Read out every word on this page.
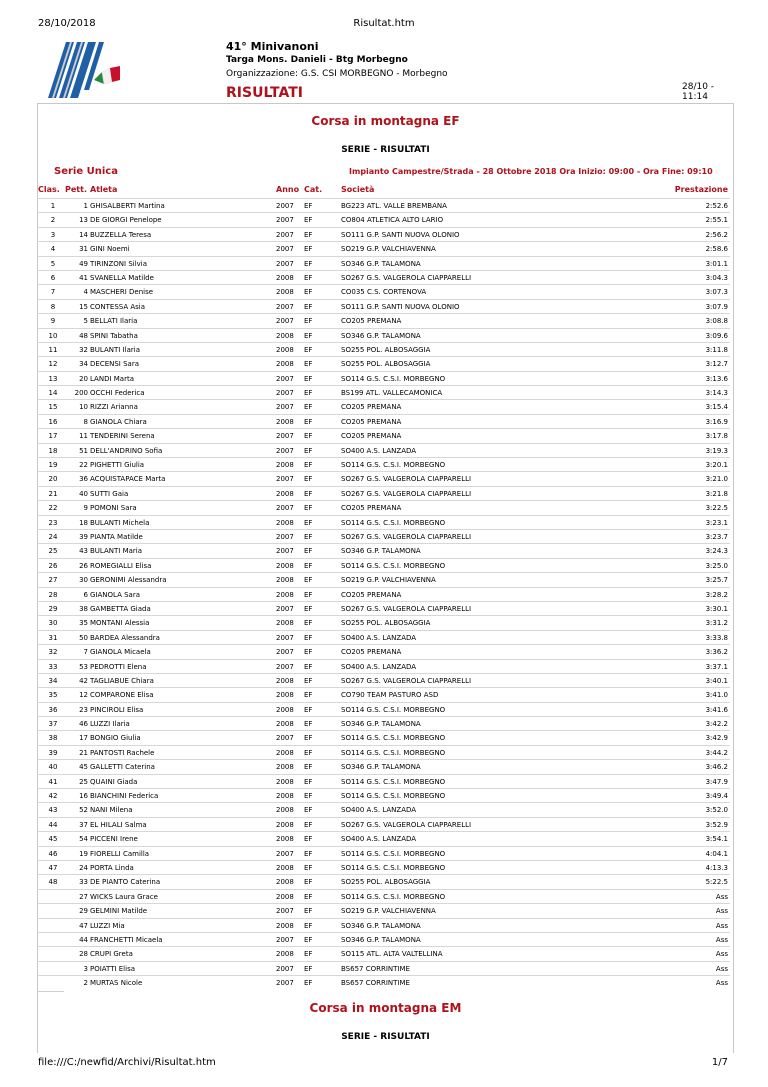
28/10/2018	Risultat.htm
41° Minivanoni
Targa Mons. Danieli - Btg Morbegno
Organizzazione: G.S. CSI MORBEGNO - Morbegno
RISULTATI	28/10 -
11:14
Corsa in montagna EF
SERIE - RISULTATI
Serie Unica	Impianto Campestre/Strada - 28 Ottobre 2018 Ora Inizio: 09:00 - Ora Fine: 09:10
Clas. Pett. Atleta	Anno Cat. Società	Prestazione
1	1 GHISALBERTI Martina	2007 EF	BG223 ATL. VALLE BREMBANA	2:52.6
2	13 DE GIORGI Penelope	2007 EF	CO804 ATLETICA ALTO LARIO	2:55.1
3	14 BUZZELLA Teresa	2007 EF	SO111 G.P. SANTI NUOVA OLONIO	2:56.2
4	31 GINI Noemi	2007 EF	SO219 G.P. VALCHIAVENNA	2:58.6
5	49 TIRINZONI Silvia	2007 EF	SO346 G.P. TALAMONA	3:01.1
6	41 SVANELLA Matilde	2008 EF	SO267 G.S. VALGEROLA CIAPPARELLI	3:04.3
7	4 MASCHERI Denise	2008 EF	CO035 C.S. CORTENOVA	3:07.3
8	15 CONTESSA Asia	2007 EF	SO111 G.P. SANTI NUOVA OLONIO	3:07.9
9	5 BELLATI Ilaria	2007 EF	CO205 PREMANA	3:08.8
10	48 SPINI Tabatha	2008 EF	SO346 G.P. TALAMONA	3:09.6
11	32 BULANTI Ilaria	2008 EF	SO255 POL. ALBOSAGGIA	3:11.8
12	34 DECENSI Sara	2008 EF	SO255 POL. ALBOSAGGIA	3:12.7
13	20 LANDI Marta	2007 EF	SO114 G.S. C.S.I. MORBEGNO	3:13.6
14	200 OCCHI Federica	2007 EF	BS199 ATL. VALLECAMONICA	3:14.3
15	10 RIZZI Arianna	2007 EF	CO205 PREMANA	3:15.4
16	8 GIANOLA Chiara	2008 EF	CO205 PREMANA	3:16.9
17	11 TENDERINI Serena	2007 EF	CO205 PREMANA	3:17.8
18	51 DELL'ANDRINO Sofia	2007 EF	SO400 A.S. LANZADA	3:19.3
19	22 PIGHETTI Giulia	2008 EF	SO114 G.S. C.S.I. MORBEGNO	3:20.1
20	36 ACQUISTAPACE Marta	2007 EF	SO267 G.S. VALGEROLA CIAPPARELLI	3:21.0
21	40 SUTTI Gaia	2008 EF	SO267 G.S. VALGEROLA CIAPPARELLI	3:21.8
22	9 POMONI Sara	2007 EF	CO205 PREMANA	3:22.5
23	18 BULANTI Michela	2008 EF	SO114 G.S. C.S.I. MORBEGNO	3:23.1
24	39 PIANTA Matilde	2007 EF	SO267 G.S. VALGEROLA CIAPPARELLI	3:23.7
25	43 BULANTI Maria	2007 EF	SO346 G.P. TALAMONA	3:24.3
26	26 ROMEGIALLI Elisa	2008 EF	SO114 G.S. C.S.I. MORBEGNO	3:25.0
27	30 GERONIMI Alessandra	2008 EF	SO219 G.P. VALCHIAVENNA	3:25.7
28	6 GIANOLA Sara	2008 EF	CO205 PREMANA	3:28.2
29	38 GAMBETTA Giada	2007 EF	SO267 G.S. VALGEROLA CIAPPARELLI	3:30.1
30	35 MONTANI Alessia	2008 EF	SO255 POL. ALBOSAGGIA	3:31.2
31	50 BARDEA Alessandra	2007 EF	SO400 A.S. LANZADA	3:33.8
32	7 GIANOLA Micaela	2007 EF	CO205 PREMANA	3:36.2
33	53 PEDROTTI Elena	2007 EF	SO400 A.S. LANZADA	3:37.1
34	42 TAGLIABUE Chiara	2008 EF	SO267 G.S. VALGEROLA CIAPPARELLI	3:40.1
35	12 COMPARONE Elisa	2008 EF	CO790 TEAM PASTURO ASD	3:41.0
36	23 PINCIROLI Elisa	2008 EF	SO114 G.S. C.S.I. MORBEGNO	3:41.6
37	46 LUZZI Ilaria	2008 EF	SO346 G.P. TALAMONA	3:42.2
38	17 BONGIO Giulia	2007 EF	SO114 G.S. C.S.I. MORBEGNO	3:42.9
39	21 PANTOSTI Rachele	2008 EF	SO114 G.S. C.S.I. MORBEGNO	3:44.2
40	45 GALLETTI Caterina	2008 EF	SO346 G.P. TALAMONA	3:46.2
41	25 QUAINI Giada	2008 EF	SO114 G.S. C.S.I. MORBEGNO	3:47.9
42	16 BIANCHINI Federica	2008 EF	SO114 G.S. C.S.I. MORBEGNO	3:49.4
43	52 NANI Milena	2008 EF	SO400 A.S. LANZADA	3:52.0
44	37 EL HILALI Salma	2008 EF	SO267 G.S. VALGEROLA CIAPPARELLI	3:52.9
45	54 PICCENI Irene	2008 EF	SO400 A.S. LANZADA	3:54.1
46	19 FIORELLI Camilla	2007 EF	SO114 G.S. C.S.I. MORBEGNO	4:04.1
47	24 PORTA Linda	2008 EF	SO114 G.S. C.S.I. MORBEGNO	4:13.3
48	33 DE PIANTO Caterina	2008 EF	SO255 POL. ALBOSAGGIA	5:22.5
27 WICKS Laura Grace	2008 EF	SO114 G.S. C.S.I. MORBEGNO	Ass
29 GELMINI Matilde	2007 EF	SO219 G.P. VALCHIAVENNA	Ass
47 LUZZI Mia	2008 EF	SO346 G.P. TALAMONA	Ass
44 FRANCHETTI Micaela	2007 EF	SO346 G.P. TALAMONA	Ass
28 CRUPI Greta	2008 EF	SO115 ATL. ALTA VALTELLINA	Ass
3 POIATTI Elisa	2007 EF	BS657 CORRINTIME	Ass
2 MURTAS Nicole	2007 EF	BS657 CORRINTIME	Ass
Corsa in montagna EM
SERIE - RISULTATI
file:///C:/newfid/Archivi/Risultat.htm	1/7
